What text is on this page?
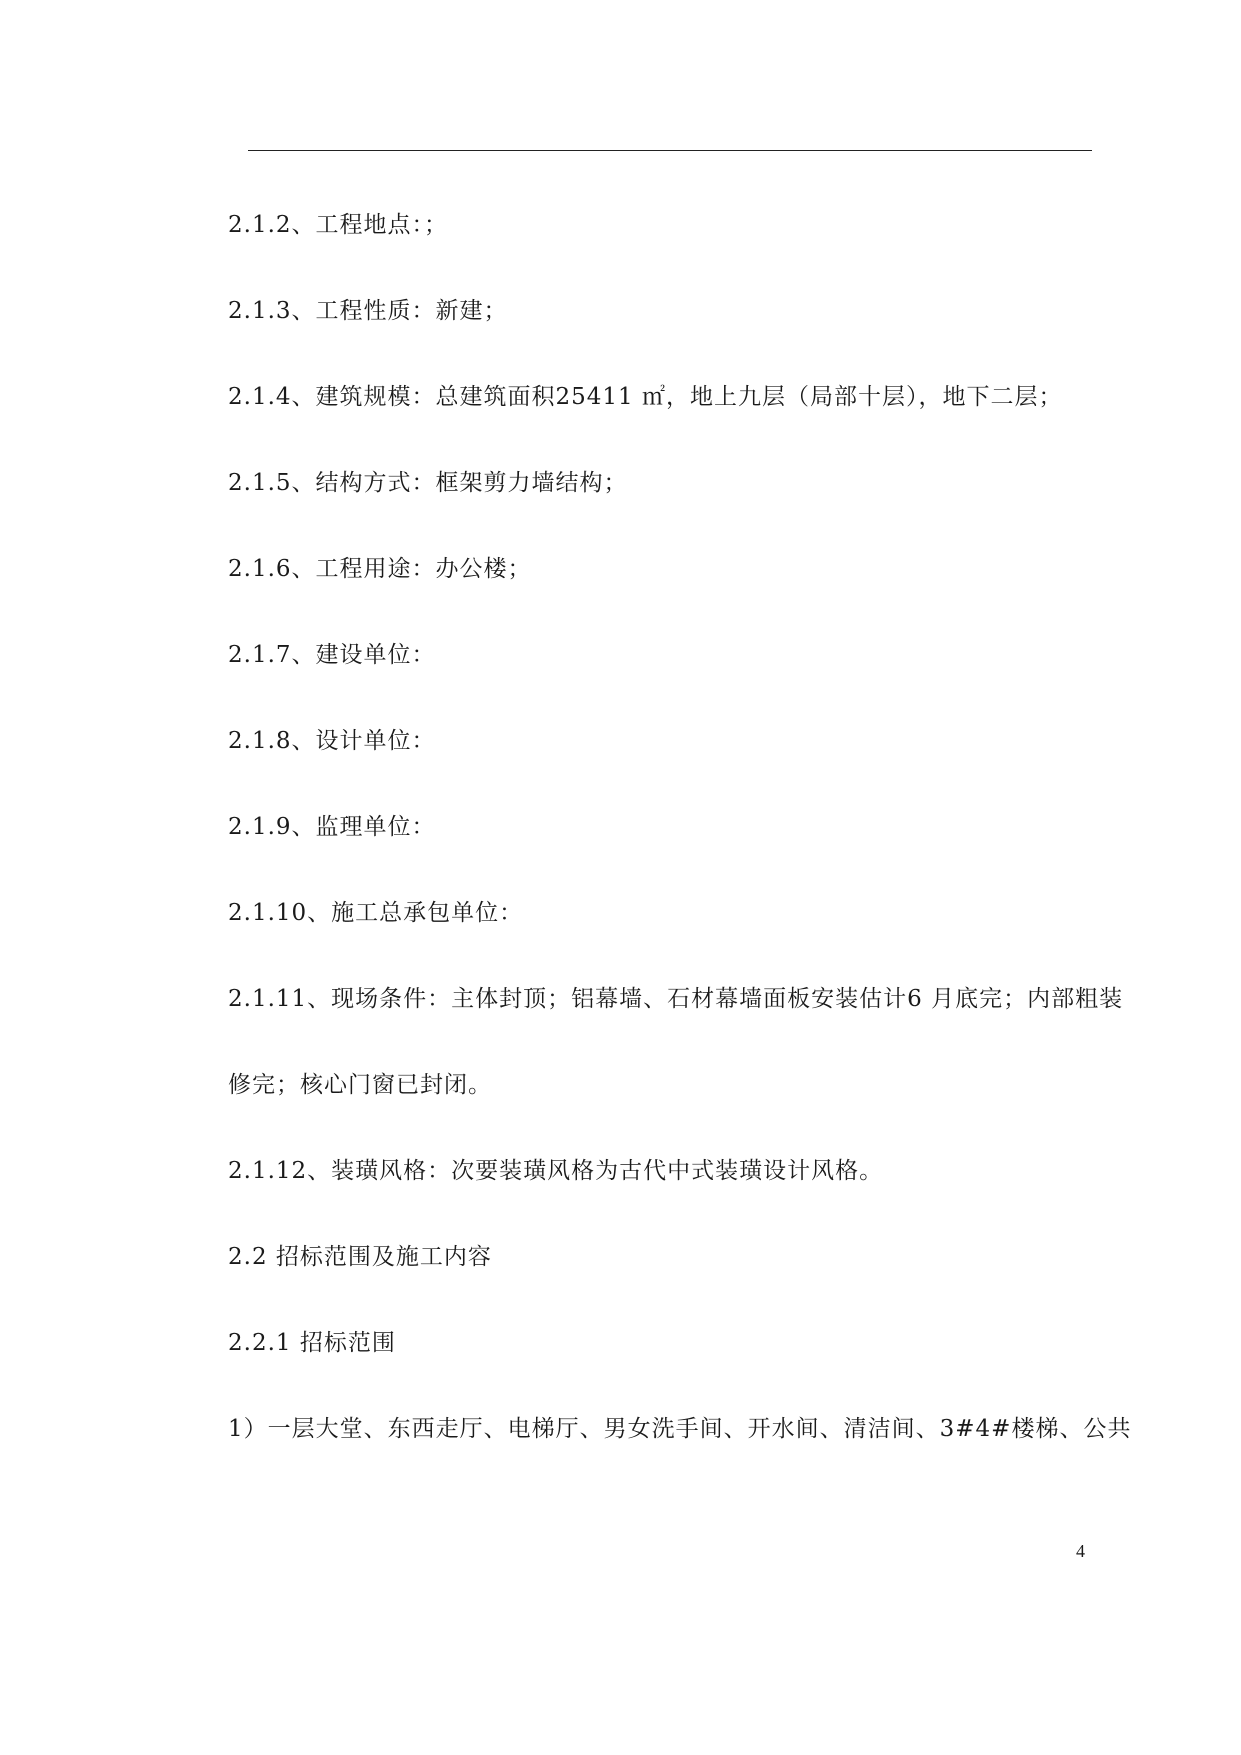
2.1.2、工程地点：；
2.1.3、工程性质：新建；
2.1.4、建筑规模：总建筑面积25411 ㎡，地上九层（局部十层），地下二层；
2.1.5、结构方式：框架剪力墙结构；
2.1.6、工程用途：办公楼；
2.1.7、建设单位：
2.1.8、设计单位：
2.1.9、监理单位：
2.1.10、施工总承包单位：
2.1.11、现场条件：主体封顶；铝幕墙、石材幕墙面板安装估计6 月底完；内部粗装
修完；核心门窗已封闭。
2.1.12、装璜风格：次要装璜风格为古代中式装璜设计风格。
2.2 招标范围及施工内容
2.2.1 招标范围
1）一层大堂、东西走厅、电梯厅、男女洗手间、开水间、清洁间、3#4#楼梯、公共
4
